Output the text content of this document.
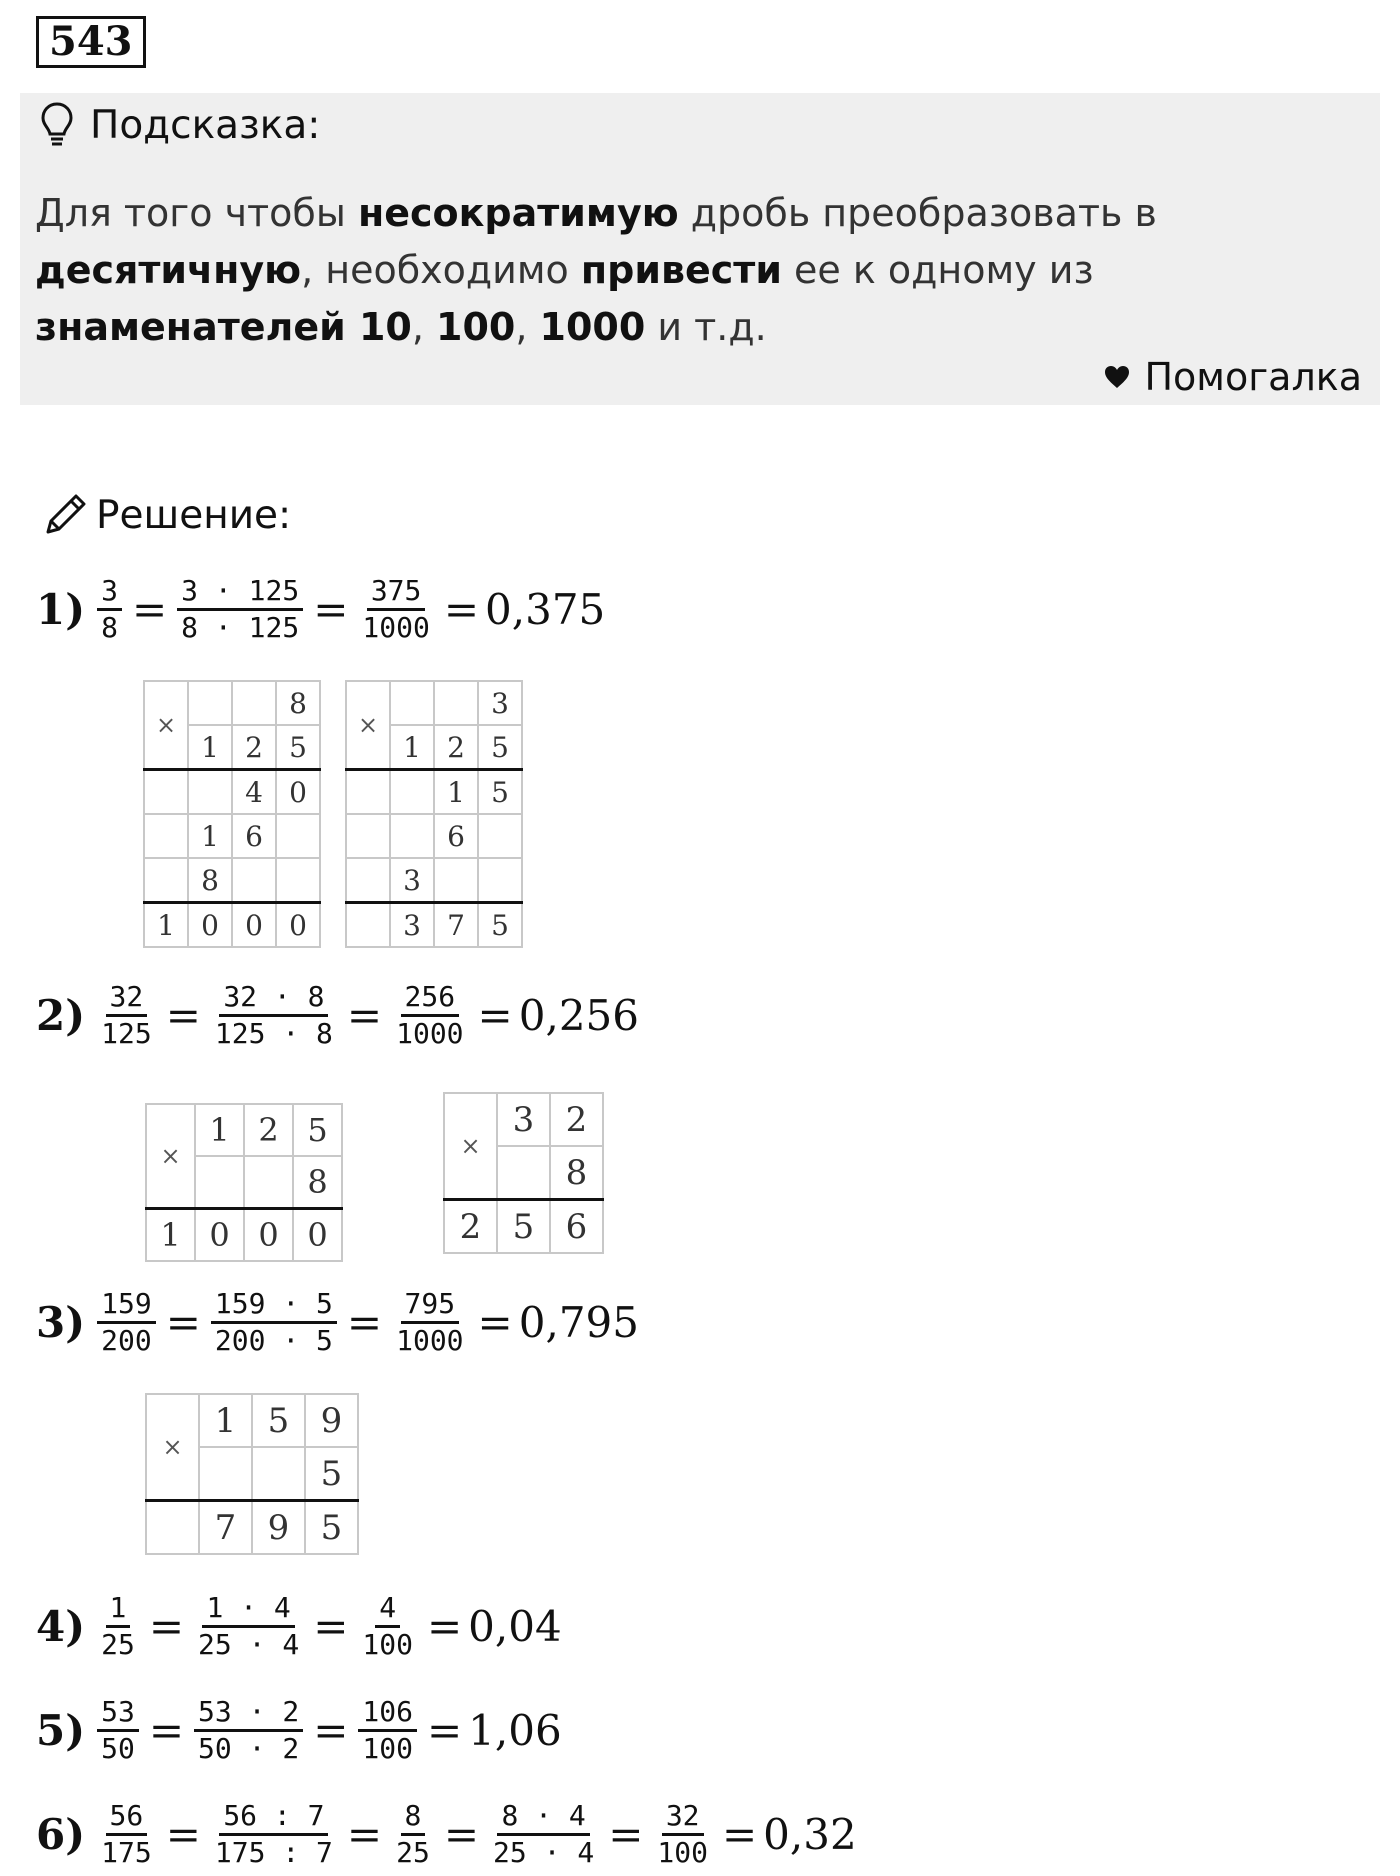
543
Подсказка:
Для того чтобы несократимую дробь преобразовать в десятичную, необходимо привести ее к одному из знаменателей 10, 100, 1000 и т.д.
Помогалка
Решение:
$1) \frac{3}{8} = \frac{3 \cdot 125}{8 \cdot 125} = \frac{375}{1000} = 0,375$
$2) \frac{32}{125} = \frac{32 \cdot 8}{125 \cdot 8} = \frac{256}{1000} = 0,256$
$3) \frac{159}{200} = \frac{159 \cdot 5}{200 \cdot 5} = \frac{795}{1000} = 0,795$
$4) \frac{1}{25} = \frac{1 \cdot 4}{25 \cdot 4} = \frac{4}{100} = 0,04$
$5) \frac{53}{50} = \frac{53 \cdot 2}{50 \cdot 2} = \frac{106}{100} = 1,06$
$6) \frac{56}{175} = \frac{56 : 7}{175 : 7} = \frac{8}{25} = \frac{8 \cdot 4}{25 \cdot 4} = \frac{32}{100} = 0,32$
×			8
	1	2	5
		4	0
	1	6	
	8		
1	0	0	0
×			3
	1	2	5
		1	5
		6	
	3		
	3	7	5
×	1	2	5
			8
1	0	0	0
×	3	2
		8
2	5	6
×	1	5	9
			5
	7	9	5
